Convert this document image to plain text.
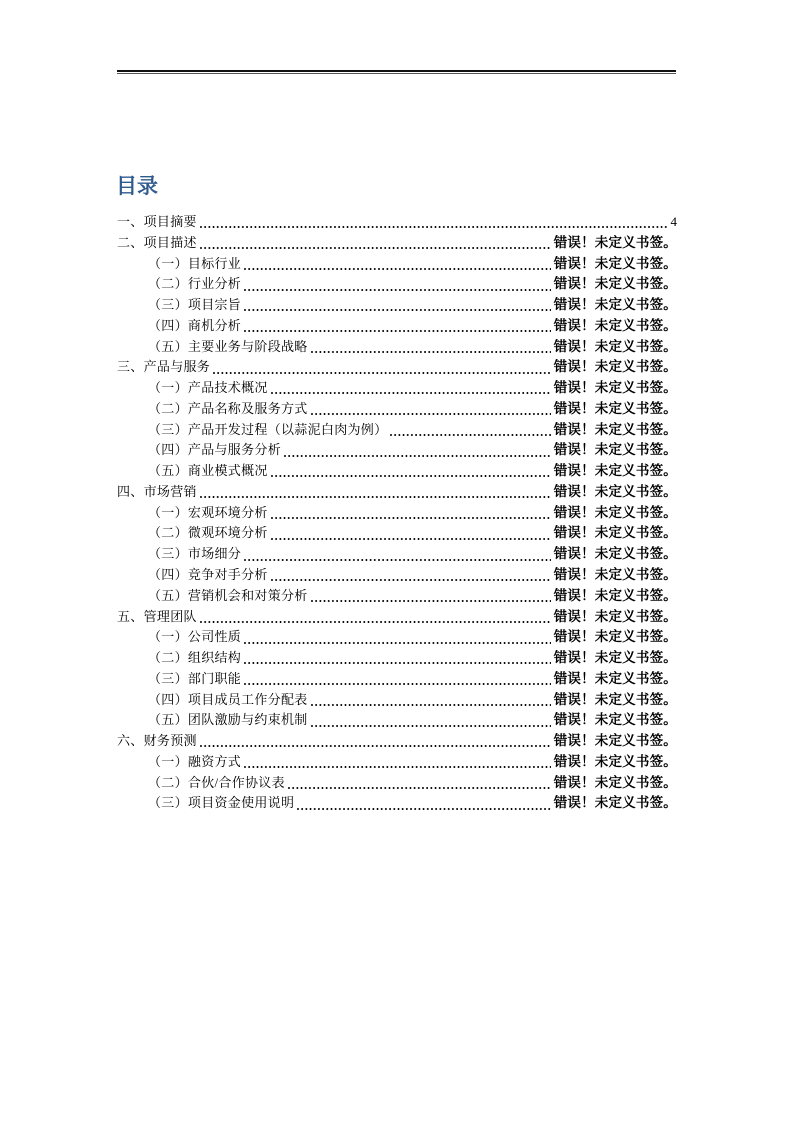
目录
一、项目摘要	4
二、项目描述	错误！未定义书签。
（一）目标行业	错误！未定义书签。
（二）行业分析	错误！未定义书签。
（三）项目宗旨	错误！未定义书签。
（四）商机分析	错误！未定义书签。
（五）主要业务与阶段战略	错误！未定义书签。
三、产品与服务	错误！未定义书签。
（一）产品技术概况	错误！未定义书签。
（二）产品名称及服务方式	错误！未定义书签。
（三）产品开发过程（以蒜泥白肉为例）	错误！未定义书签。
（四）产品与服务分析	错误！未定义书签。
（五）商业模式概况	错误！未定义书签。
四、市场营销	错误！未定义书签。
（一）宏观环境分析	错误！未定义书签。
（二）微观环境分析	错误！未定义书签。
（三）市场细分	错误！未定义书签。
（四）竞争对手分析	错误！未定义书签。
（五）营销机会和对策分析	错误！未定义书签。
五、管理团队	错误！未定义书签。
（一）公司性质	错误！未定义书签。
（二）组织结构	错误！未定义书签。
（三）部门职能	错误！未定义书签。
（四）项目成员工作分配表	错误！未定义书签。
（五）团队激励与约束机制	错误！未定义书签。
六、财务预测	错误！未定义书签。
（一）融资方式	错误！未定义书签。
（二）合伙/合作协议表	错误！未定义书签。
（三）项目资金使用说明	错误！未定义书签。
